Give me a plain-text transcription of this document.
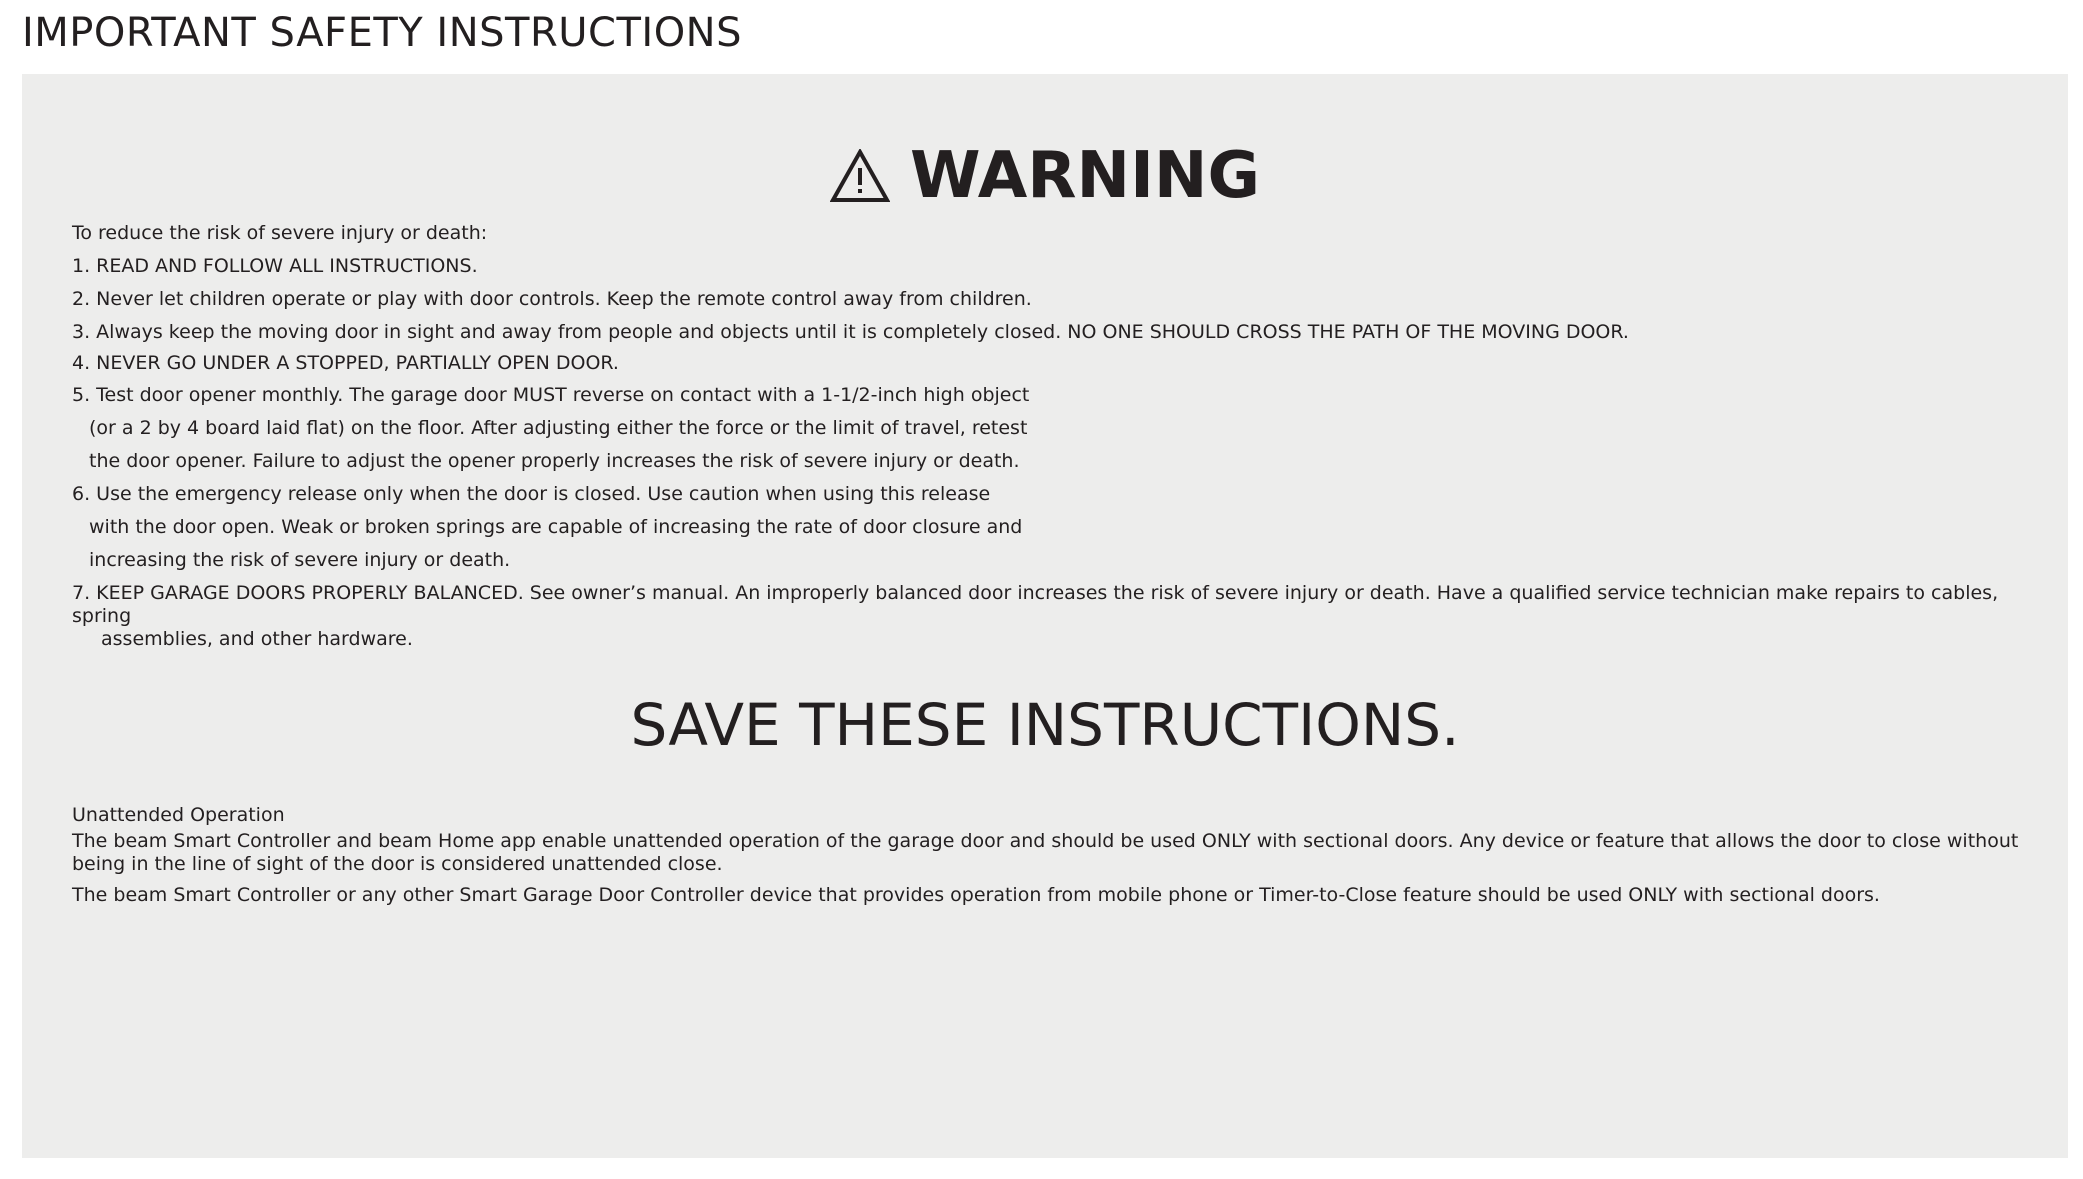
IMPORTANT SAFETY INSTRUCTIONS
WARNING
To reduce the risk of severe injury or death:
1. READ AND FOLLOW ALL INSTRUCTIONS.
2. Never let children operate or play with door controls. Keep the remote control away from children.
3. Always keep the moving door in sight and away from people and objects until it is completely closed. NO ONE SHOULD CROSS THE PATH OF THE MOVING DOOR.
4. NEVER GO UNDER A STOPPED, PARTIALLY OPEN DOOR.
5. Test door opener monthly. The garage door MUST reverse on contact with a 1-1/2-inch high object
(or a 2 by 4 board laid flat) on the floor. After adjusting either the force or the limit of travel, retest
the door opener. Failure to adjust the opener properly increases the risk of severe injury or death.
6. Use the emergency release only when the door is closed. Use caution when using this release
with the door open. Weak or broken springs are capable of increasing the rate of door closure and
increasing the risk of severe injury or death.
7. KEEP GARAGE DOORS PROPERLY BALANCED. See owner’s manual. An improperly balanced door increases the risk of severe injury or death. Have a qualified service technician make repairs to cables, spring
assemblies, and other hardware.
SAVE THESE INSTRUCTIONS.
Unattended Operation
The beam Smart Controller and beam Home app enable unattended operation of the garage door and should be used ONLY with sectional doors. Any device or feature that allows the door to close without being in the line of sight of the door is considered unattended close.
The beam Smart Controller or any other Smart Garage Door Controller device that provides operation from mobile phone or Timer-to-Close feature should be used ONLY with sectional doors.
